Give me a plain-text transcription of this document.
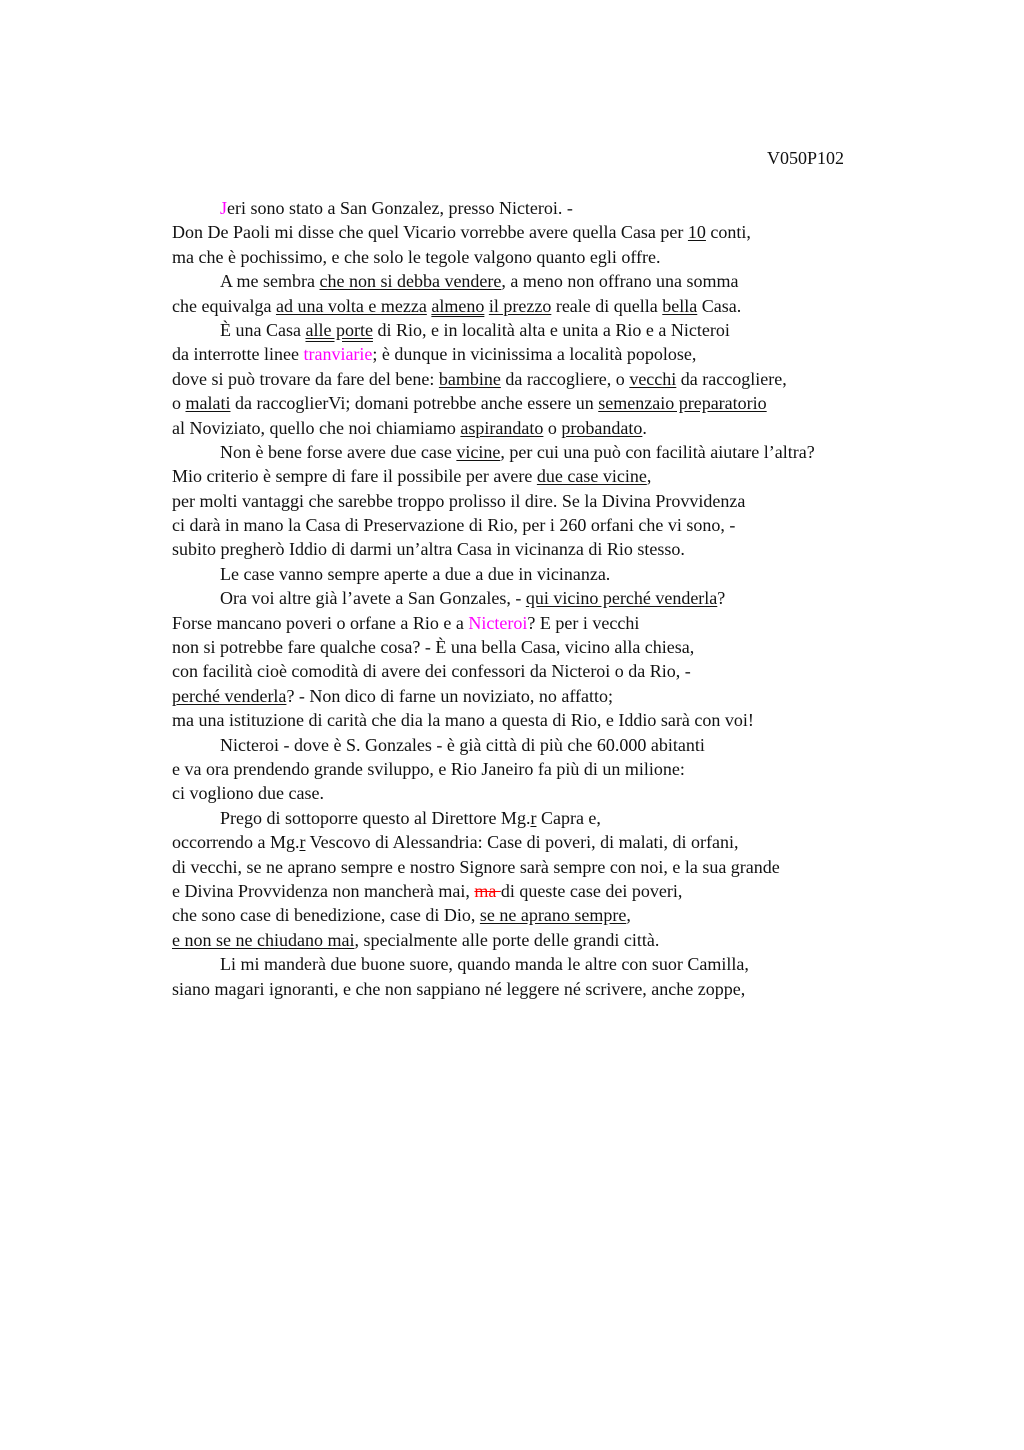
V050P102
Jeri sono stato a San Gonzalez, presso Nicteroi. -
Don De Paoli mi disse che quel Vicario vorrebbe avere quella Casa per 10 conti,
ma che è pochissimo, e che solo le tegole valgono quanto egli offre.
A me sembra che non si debba vendere, a meno non offrano una somma
che equivalga ad una volta e mezza almeno il prezzo reale di quella bella Casa.
È una Casa alle porte di Rio, e in località alta e unita a Rio e a Nicteroi
da interrotte linee tranviarie; è dunque in vicinissima a località popolose,
dove si può trovare da fare del bene: bambine da raccogliere, o vecchi da raccogliere,
o malati da raccoglierVi; domani potrebbe anche essere un semenzaio preparatorio
al Noviziato, quello che noi chiamiamo aspirandato o probandato.
Non è bene forse avere due case vicine, per cui una può con facilità aiutare l’altra?
Mio criterio è sempre di fare il possibile per avere due case vicine,
per molti vantaggi che sarebbe troppo prolisso il dire. Se la Divina Provvidenza
ci darà in mano la Casa di Preservazione di Rio, per i 260 orfani che vi sono, -
subito pregherò Iddio di darmi un’altra Casa in vicinanza di Rio stesso.
Le case vanno sempre aperte a due a due in vicinanza.
Ora voi altre già l’avete a San Gonzales, - qui vicino perché venderla?
Forse mancano poveri o orfane a Rio e a Nicteroi? E per i vecchi
non si potrebbe fare qualche cosa? - È una bella Casa, vicino alla chiesa,
con facilità cioè comodità di avere dei confessori da Nicteroi o da Rio, -
perché venderla? - Non dico di farne un noviziato, no affatto;
ma una istituzione di carità che dia la mano a questa di Rio, e Iddio sarà con voi!
Nicteroi - dove è S. Gonzales - è già città di più che 60.000 abitanti
e va ora prendendo grande sviluppo, e Rio Janeiro fa più di un milione:
ci vogliono due case.
Prego di sottoporre questo al Direttore Mg.r Capra e,
occorrendo a Mg.r Vescovo di Alessandria: Case di poveri, di malati, di orfani,
di vecchi, se ne aprano sempre e nostro Signore sarà sempre con noi, e la sua grande
e Divina Provvidenza non mancherà mai, ma di queste case dei poveri,
che sono case di benedizione, case di Dio, se ne aprano sempre,
e non se ne chiudano mai, specialmente alle porte delle grandi città.
Li mi manderà due buone suore, quando manda le altre con suor Camilla,
siano magari ignoranti, e che non sappiano né leggere né scrivere, anche zoppe,
